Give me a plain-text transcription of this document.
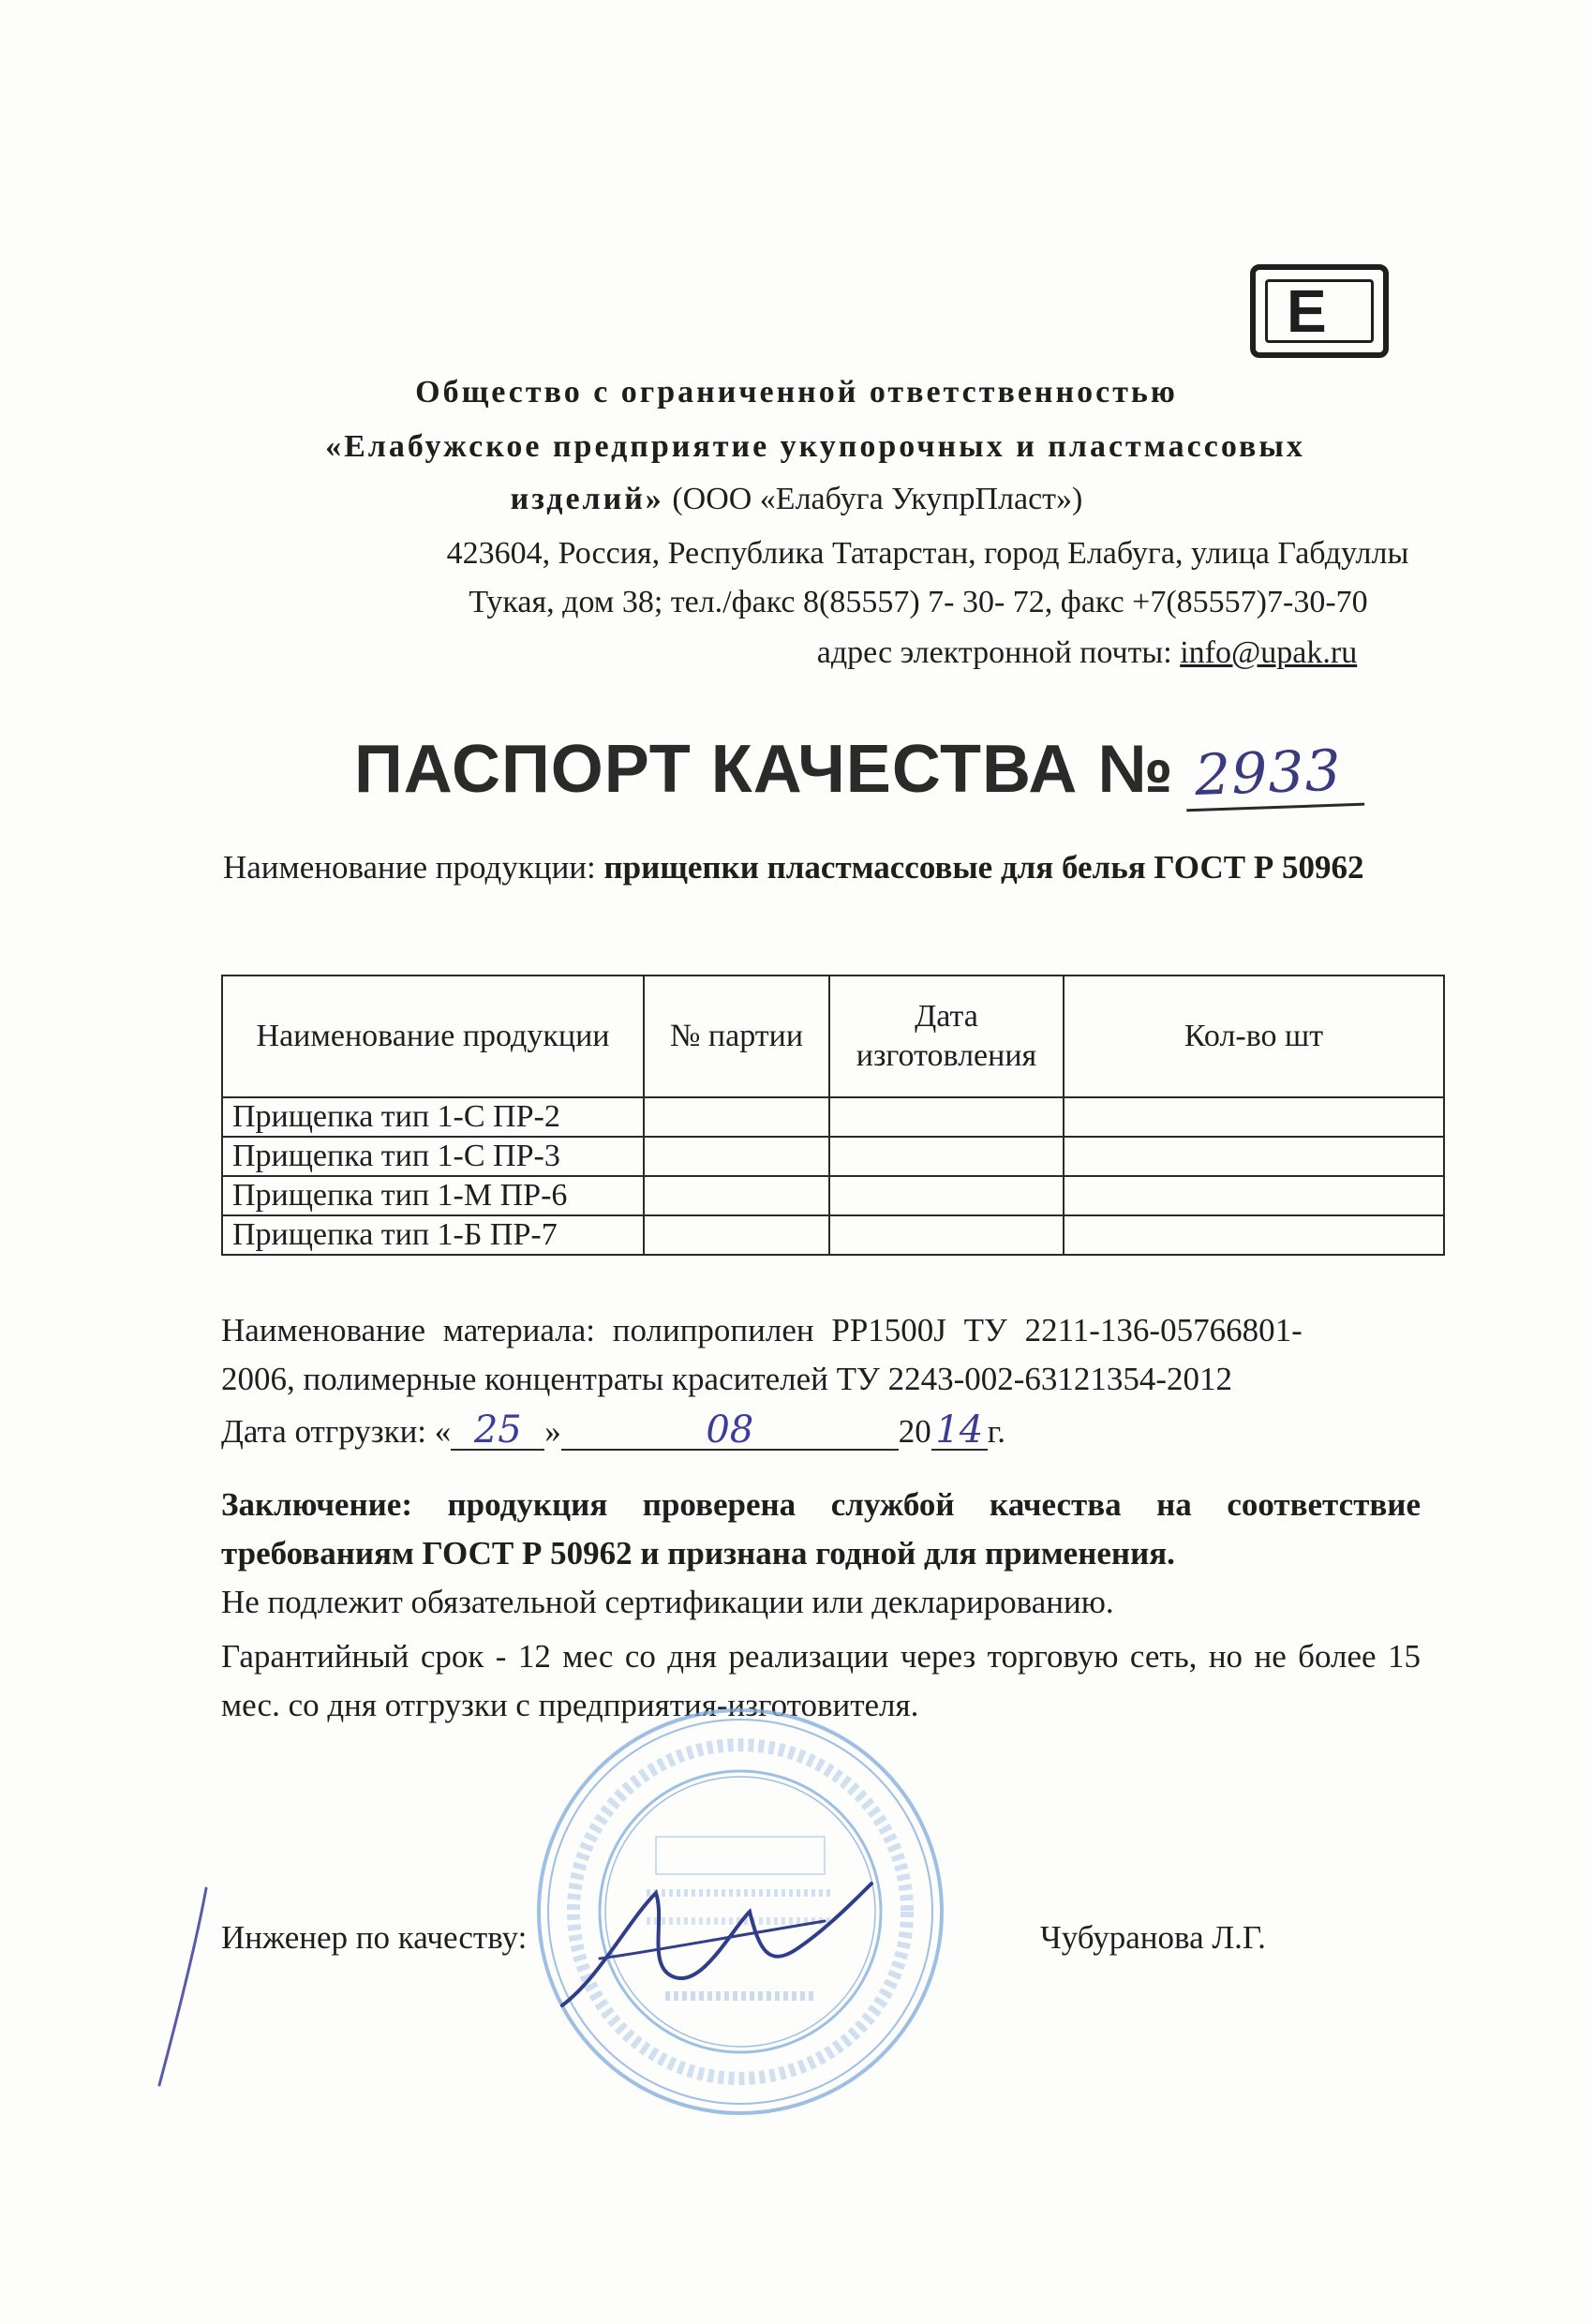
E
Общество с ограниченной ответственностью
«Елабужское предприятие укупорочных и пластмассовых
изделий» (ООО «Елабуга УкупрПласт»)
423604, Россия, Республика Татарстан, город Елабуга, улица Габдуллы
Тукая, дом 38; тел./факс 8(85557) 7- 30- 72, факс +7(85557)7-30-70
адрес электронной почты: info@upak.ru
ПАСПОРТ КАЧЕСТВА № 2933
Наименование продукции: прищепки пластмассовые для белья ГОСТ Р 50962
Наименование продукции	№ партии	Дата изготовления	Кол-во шт
Прищепка тип 1-С ПР-2			
Прищепка тип 1-С ПР-3			
Прищепка тип 1-М ПР-6			
Прищепка тип 1-Б ПР-7			
Наименование материала: полипропилен PP1500J ТУ 2211-136-05766801-
2006, полимерные концентраты красителей ТУ 2243-002-63121354-2012
Дата отгрузки: « 25 »	08	20 14 г.
Заключение: продукция проверена службой качества на соответствие требованиям ГОСТ Р 50962 и признана годной для применения.
Не подлежит обязательной сертификации или декларированию.
Гарантийный срок - 12 мес со дня реализации через торговую сеть, но не более 15 мес. со дня отгрузки с предприятия-изготовителя.
Инженер по качеству:	Чубуранова Л.Г.
